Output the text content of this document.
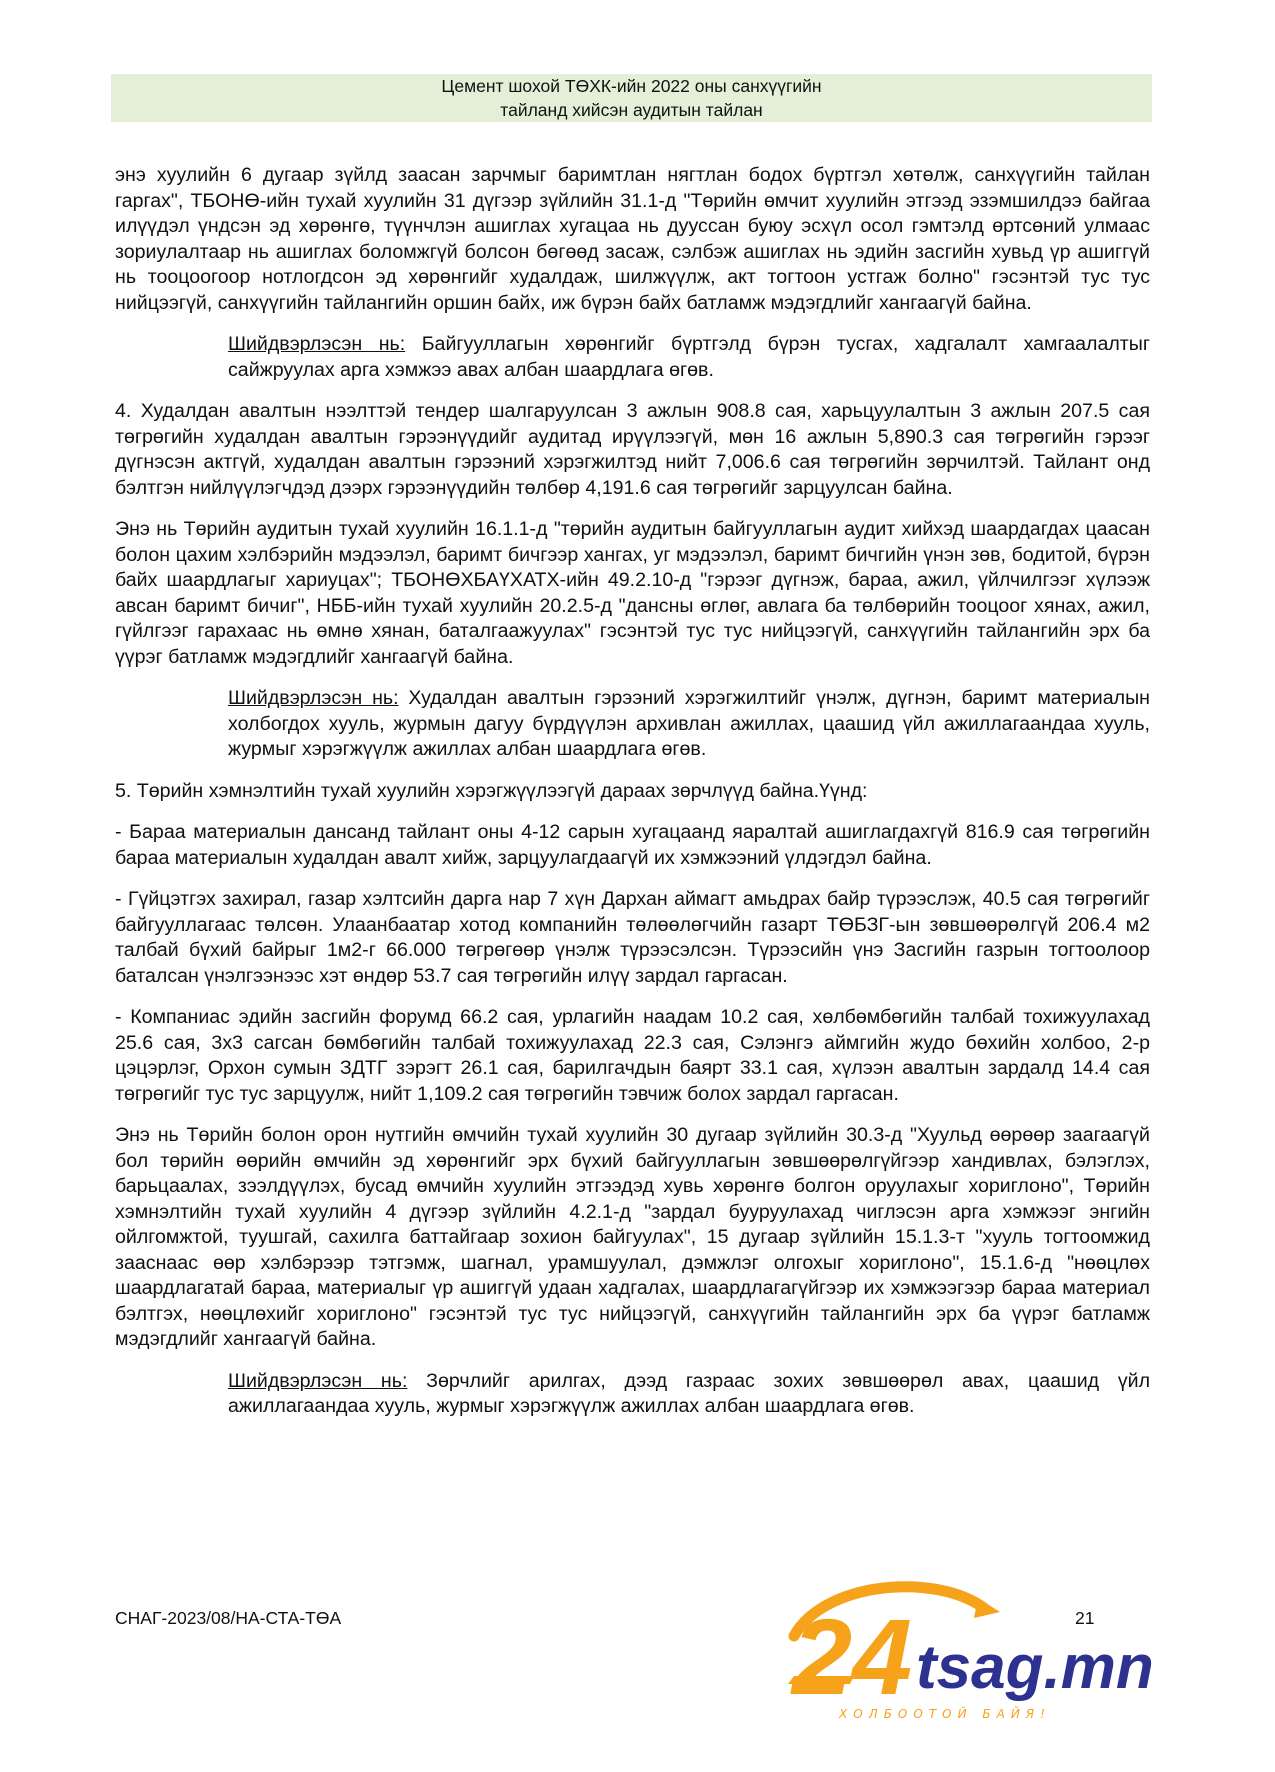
Цемент шохой ТӨХК-ийн 2022 оны санхүүгийн
тайланд хийсэн аудитын тайлан

энэ хуулийн 6 дугаар зүйлд заасан зарчмыг баримтлан нягтлан бодох бүртгэл хөтөлж, санхүүгийн тайлан гаргах", ТБОНӨ-ийн тухай хуулийн 31 дүгээр зүйлийн 31.1-д "Төрийн өмчит хуулийн этгээд эзэмшилдээ байгаа илүүдэл үндсэн эд хөрөнгө, түүнчлэн ашиглах хугацаа нь дууссан буюу эсхүл осол гэмтэлд өртсөний улмаас зориулалтаар нь ашиглах боломжгүй болсон бөгөөд засаж, сэлбэж ашиглах нь эдийн засгийн хувьд үр ашиггүй нь тооцоогоор нотлогдсон эд хөрөнгийг худалдаж, шилжүүлж, акт тогтоон устгаж болно" гэсэнтэй тус тус нийцээгүй, санхүүгийн тайлангийн оршин байх, иж бүрэн байх батламж мэдэгдлийг хангаагүй байна.

Шийдвэрлэсэн нь: Байгууллагын хөрөнгийг бүртгэлд бүрэн тусгах, хадгалалт хамгаалалтыг сайжруулах арга хэмжээ авах албан шаардлага өгөв.

4. Худалдан авалтын нээлттэй тендер шалгаруулсан 3 ажлын 908.8 сая, харьцуулалтын 3 ажлын 207.5 сая төгрөгийн худалдан авалтын гэрээнүүдийг аудитад ирүүлээгүй, мөн 16 ажлын 5,890.3 сая төгрөгийн гэрээг дүгнэсэн актгүй, худалдан авалтын гэрээний хэрэгжилтэд нийт 7,006.6 сая төгрөгийн зөрчилтэй. Тайлант онд бэлтгэн нийлүүлэгчдэд дээрх гэрээнүүдийн төлбөр 4,191.6 сая төгрөгийг зарцуулсан байна.

Энэ нь Төрийн аудитын тухай хуулийн 16.1.1-д "төрийн аудитын байгууллагын аудит хийхэд шаардагдах цаасан болон цахим хэлбэрийн мэдээлэл, баримт бичгээр хангах, уг мэдээлэл, баримт бичгийн үнэн зөв, бодитой, бүрэн байх шаардлагыг хариуцах"; ТБОНӨХБАҮХАТХ-ийн 49.2.10-д "гэрээг дүгнэж, бараа, ажил, үйлчилгээг хүлээж авсан баримт бичиг", НББ-ийн тухай хуулийн 20.2.5-д "дансны өглөг, авлага ба төлбөрийн тооцоог хянах, ажил, гүйлгээг гарахаас нь өмнө хянан, баталгаажуулах" гэсэнтэй тус тус нийцээгүй, санхүүгийн тайлангийн эрх ба үүрэг батламж мэдэгдлийг хангаагүй байна.

Шийдвэрлэсэн нь: Худалдан авалтын гэрээний хэрэгжилтийг үнэлж, дүгнэн, баримт материалын холбогдох хууль, журмын дагуу бүрдүүлэн архивлан ажиллах, цаашид үйл ажиллагаандаа хууль, журмыг хэрэгжүүлж ажиллах албан шаардлага өгөв.

5. Төрийн хэмнэлтийн тухай хуулийн хэрэгжүүлээгүй дараах зөрчлүүд байна.Үүнд:

- Бараа материалын дансанд тайлант оны 4-12 сарын хугацаанд яаралтай ашиглагдахгүй 816.9 сая төгрөгийн бараа материалын худалдан авалт хийж, зарцуулагдаагүй их хэмжээний үлдэгдэл байна.

- Гүйцэтгэх захирал, газар хэлтсийн дарга нар 7 хүн Дархан аймагт амьдрах байр түрээслэж, 40.5 сая төгрөгийг байгууллагаас төлсөн. Улаанбаатар хотод компанийн төлөөлөгчийн газарт ТӨБЗГ-ын зөвшөөрөлгүй 206.4 м2 талбай бүхий байрыг 1м2-г 66.000 төгрөгөөр үнэлж түрээсэлсэн. Түрээсийн үнэ Засгийн газрын тогтоолоор баталсан үнэлгээнээс хэт өндөр 53.7 сая төгрөгийн илүү зардал гаргасан.

- Компаниас эдийн засгийн форумд 66.2 сая, урлагийн наадам 10.2 сая, хөлбөмбөгийн талбай тохижуулахад 25.6 сая, 3х3 сагсан бөмбөгийн талбай тохижуулахад 22.3 сая, Сэлэнгэ аймгийн жудо бөхийн холбоо, 2-р цэцэрлэг, Орхон сумын ЗДТГ зэрэгт 26.1 сая, барилгачдын баярт 33.1 сая, хүлээн авалтын зардалд 14.4 сая төгрөгийг тус тус зарцуулж, нийт 1,109.2 сая төгрөгийн тэвчиж болох зардал гаргасан.

Энэ нь Төрийн болон орон нутгийн өмчийн тухай хуулийн 30 дугаар зүйлийн 30.3-д "Хуульд өөрөөр заагаагүй бол төрийн өөрийн өмчийн эд хөрөнгийг эрх бүхий байгууллагын зөвшөөрөлгүйгээр хандивлах, бэлэглэх, барьцаалах, зээлдүүлэх, бусад өмчийн хуулийн этгээдэд хувь хөрөнгө болгон оруулахыг хориглоно", Төрийн хэмнэлтийн тухай хуулийн 4 дүгээр зүйлийн 4.2.1-д "зардал бууруулахад чиглэсэн арга хэмжээг энгийн ойлгомжтой, туушгай, сахилга баттайгаар зохион байгуулах", 15 дугаар зүйлийн 15.1.3-т "хууль тогтоомжид зааснаас өөр хэлбэрээр тэтгэмж, шагнал, урамшуулал, дэмжлэг олгохыг хориглоно", 15.1.6-д "нөөцлөх шаардлагатай бараа, материалыг үр ашиггүй удаан хадгалах, шаардлагагүйгээр их хэмжээгээр бараа материал бэлтгэх, нөөцлөхийг хориглоно" гэсэнтэй тус тус нийцээгүй, санхүүгийн тайлангийн эрх ба үүрэг батламж мэдэгдлийг хангаагүй байна.

Шийдвэрлэсэн нь: Зөрчлийг арилгах, дээд газраас зохих зөвшөөрөл авах, цаашид үйл ажиллагаандаа хууль, журмыг хэрэгжүүлж ажиллах албан шаардлага өгөв.

СНАГ-2023/08/НА-СТА-ТӨА	21
24 tsag.mn
ХОЛБООТОЙ БАЙЯ!
